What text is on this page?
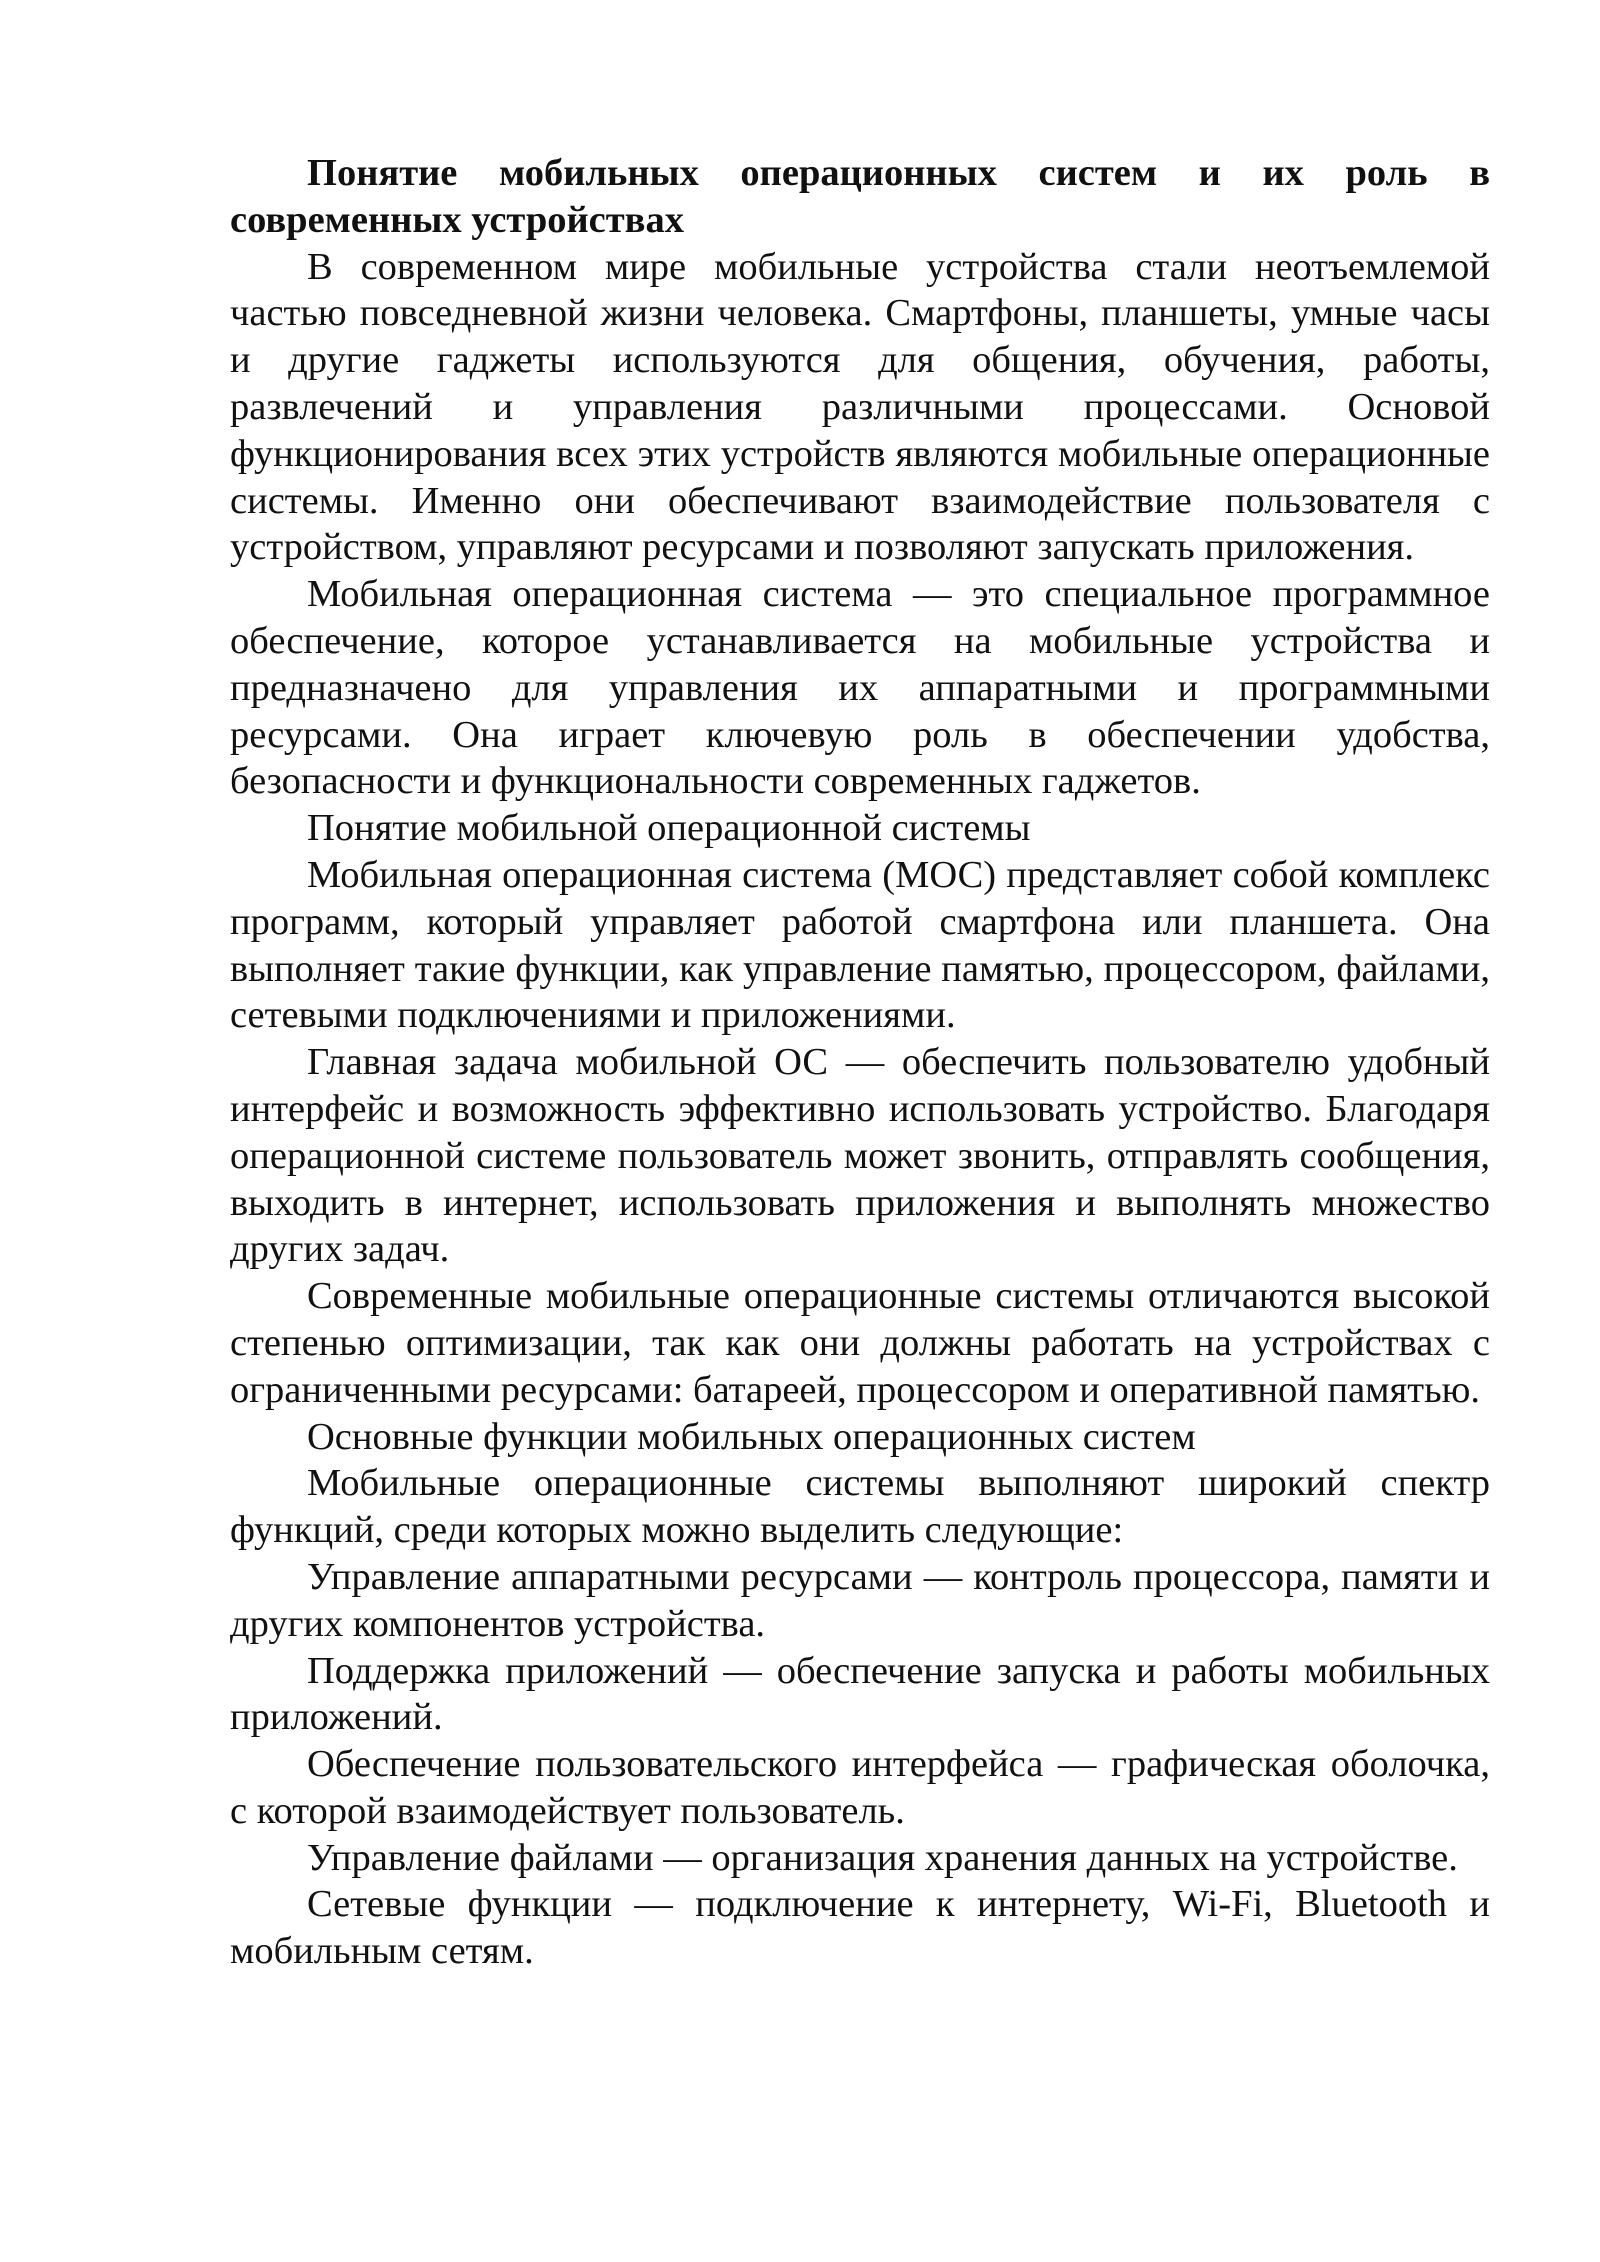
Понятие мобильных операционных систем и их роль в современных устройствах

В современном мире мобильные устройства стали неотъемлемой частью повседневной жизни человека. Смартфоны, планшеты, умные часы и другие гаджеты используются для общения, обучения, работы, развлечений и управления различными процессами. Основой функционирования всех этих устройств являются мобильные операционные системы. Именно они обеспечивают взаимодействие пользователя с устройством, управляют ресурсами и позволяют запускать приложения.

Мобильная операционная система — это специальное программное обеспечение, которое устанавливается на мобильные устройства и предназначено для управления их аппаратными и программными ресурсами. Она играет ключевую роль в обеспечении удобства, безопасности и функциональности современных гаджетов.

Понятие мобильной операционной системы

Мобильная операционная система (МОС) представляет собой комплекс программ, который управляет работой смартфона или планшета. Она выполняет такие функции, как управление памятью, процессором, файлами, сетевыми подключениями и приложениями.

Главная задача мобильной ОС — обеспечить пользователю удобный интерфейс и возможность эффективно использовать устройство. Благодаря операционной системе пользователь может звонить, отправлять сообщения, выходить в интернет, использовать приложения и выполнять множество других задач.

Современные мобильные операционные системы отличаются высокой степенью оптимизации, так как они должны работать на устройствах с ограниченными ресурсами: батареей, процессором и оперативной памятью.

Основные функции мобильных операционных систем

Мобильные операционные системы выполняют широкий спектр функций, среди которых можно выделить следующие:

Управление аппаратными ресурсами — контроль процессора, памяти и других компонентов устройства.

Поддержка приложений — обеспечение запуска и работы мобильных приложений.

Обеспечение пользовательского интерфейса — графическая оболочка, с которой взаимодействует пользователь.

Управление файлами — организация хранения данных на устройстве.

Сетевые функции — подключение к интернету, Wi-Fi, Bluetooth и мобильным сетям.
